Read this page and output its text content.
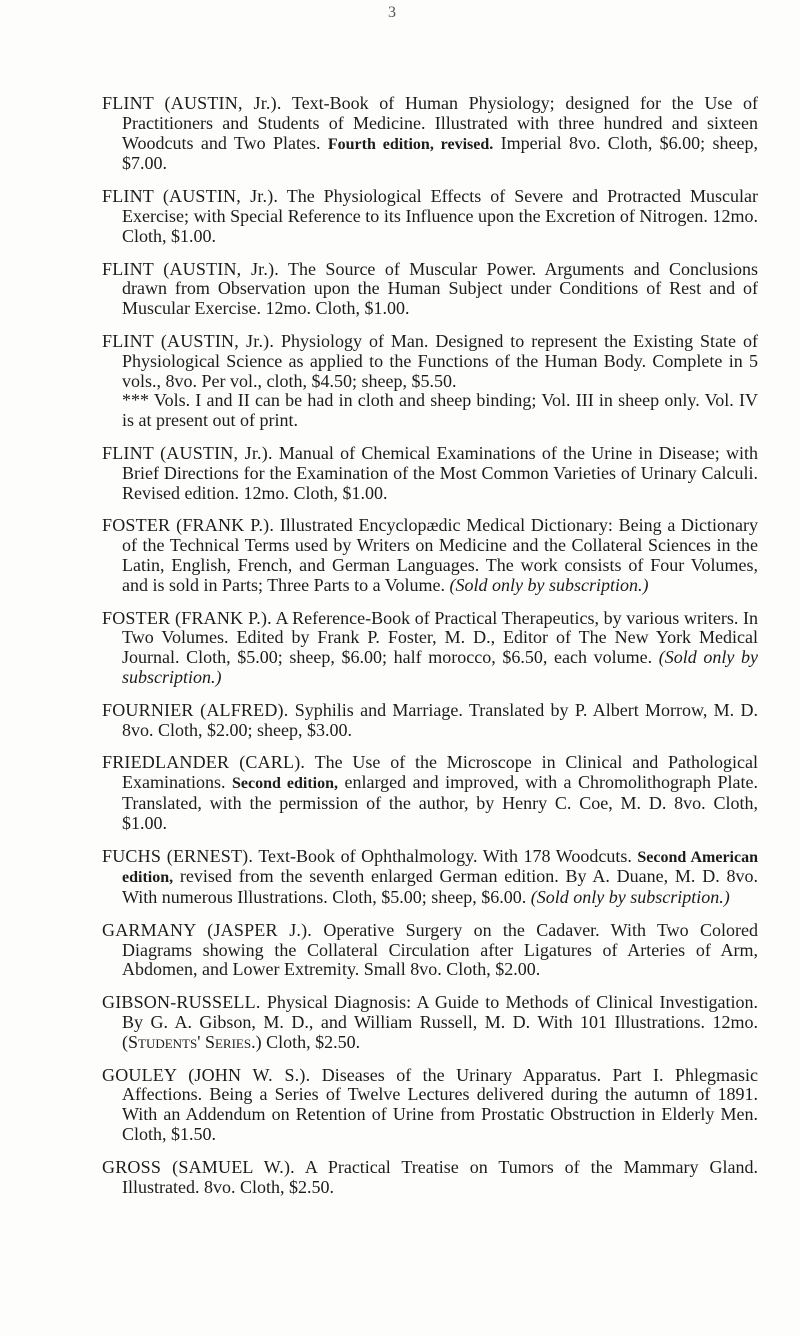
3

FLINT (AUSTIN, Jr.). Text-Book of Human Physiology; designed for the Use of Practitioners and Students of Medicine. Illustrated with three hundred and sixteen Woodcuts and Two Plates. Fourth edition, revised. Imperial 8vo. Cloth, $6.00; sheep, $7.00.

FLINT (AUSTIN, Jr.). The Physiological Effects of Severe and Protracted Muscular Exercise; with Special Reference to its Influence upon the Excretion of Nitrogen. 12mo. Cloth, $1.00.

FLINT (AUSTIN, Jr.). The Source of Muscular Power. Arguments and Conclusions drawn from Observation upon the Human Subject under Conditions of Rest and of Muscular Exercise. 12mo. Cloth, $1.00.

FLINT (AUSTIN, Jr.). Physiology of Man. Designed to represent the Existing State of Physiological Science as applied to the Functions of the Human Body. Complete in 5 vols., 8vo. Per vol., cloth, $4.50; sheep, $5.50.

*** Vols. I and II can be had in cloth and sheep binding; Vol. III in sheep only. Vol. IV is at present out of print.

FLINT (AUSTIN, Jr.). Manual of Chemical Examinations of the Urine in Disease; with Brief Directions for the Examination of the Most Common Varieties of Urinary Calculi. Revised edition. 12mo. Cloth, $1.00.

FOSTER (FRANK P.). Illustrated Encyclopædic Medical Dictionary: Being a Dictionary of the Technical Terms used by Writers on Medicine and the Collateral Sciences in the Latin, English, French, and German Languages. The work consists of Four Volumes, and is sold in Parts; Three Parts to a Volume. (Sold only by subscription.)

FOSTER (FRANK P.). A Reference-Book of Practical Therapeutics, by various writers. In Two Volumes. Edited by Frank P. Foster, M. D., Editor of The New York Medical Journal. Cloth, $5.00; sheep, $6.00; half morocco, $6.50, each volume. (Sold only by subscription.)

FOURNIER (ALFRED). Syphilis and Marriage. Translated by P. Albert Morrow, M. D. 8vo. Cloth, $2.00; sheep, $3.00.

FRIEDLANDER (CARL). The Use of the Microscope in Clinical and Pathological Examinations. Second edition, enlarged and improved, with a Chromolithograph Plate. Translated, with the permission of the author, by Henry C. Coe, M. D. 8vo. Cloth, $1.00.

FUCHS (ERNEST). Text-Book of Ophthalmology. With 178 Woodcuts. Second American edition, revised from the seventh enlarged German edition. By A. Duane, M. D. 8vo. With numerous Illustrations. Cloth, $5.00; sheep, $6.00. (Sold only by subscription.)

GARMANY (JASPER J.). Operative Surgery on the Cadaver. With Two Colored Diagrams showing the Collateral Circulation after Ligatures of Arteries of Arm, Abdomen, and Lower Extremity. Small 8vo. Cloth, $2.00.

GIBSON-RUSSELL. Physical Diagnosis: A Guide to Methods of Clinical Investigation. By G. A. Gibson, M. D., and William Russell, M. D. With 101 Illustrations. 12mo. (Students' Series.) Cloth, $2.50.

GOULEY (JOHN W. S.). Diseases of the Urinary Apparatus. Part I. Phlegmasic Affections. Being a Series of Twelve Lectures delivered during the autumn of 1891. With an Addendum on Retention of Urine from Prostatic Obstruction in Elderly Men. Cloth, $1.50.

GROSS (SAMUEL W.). A Practical Treatise on Tumors of the Mammary Gland. Illustrated. 8vo. Cloth, $2.50.
